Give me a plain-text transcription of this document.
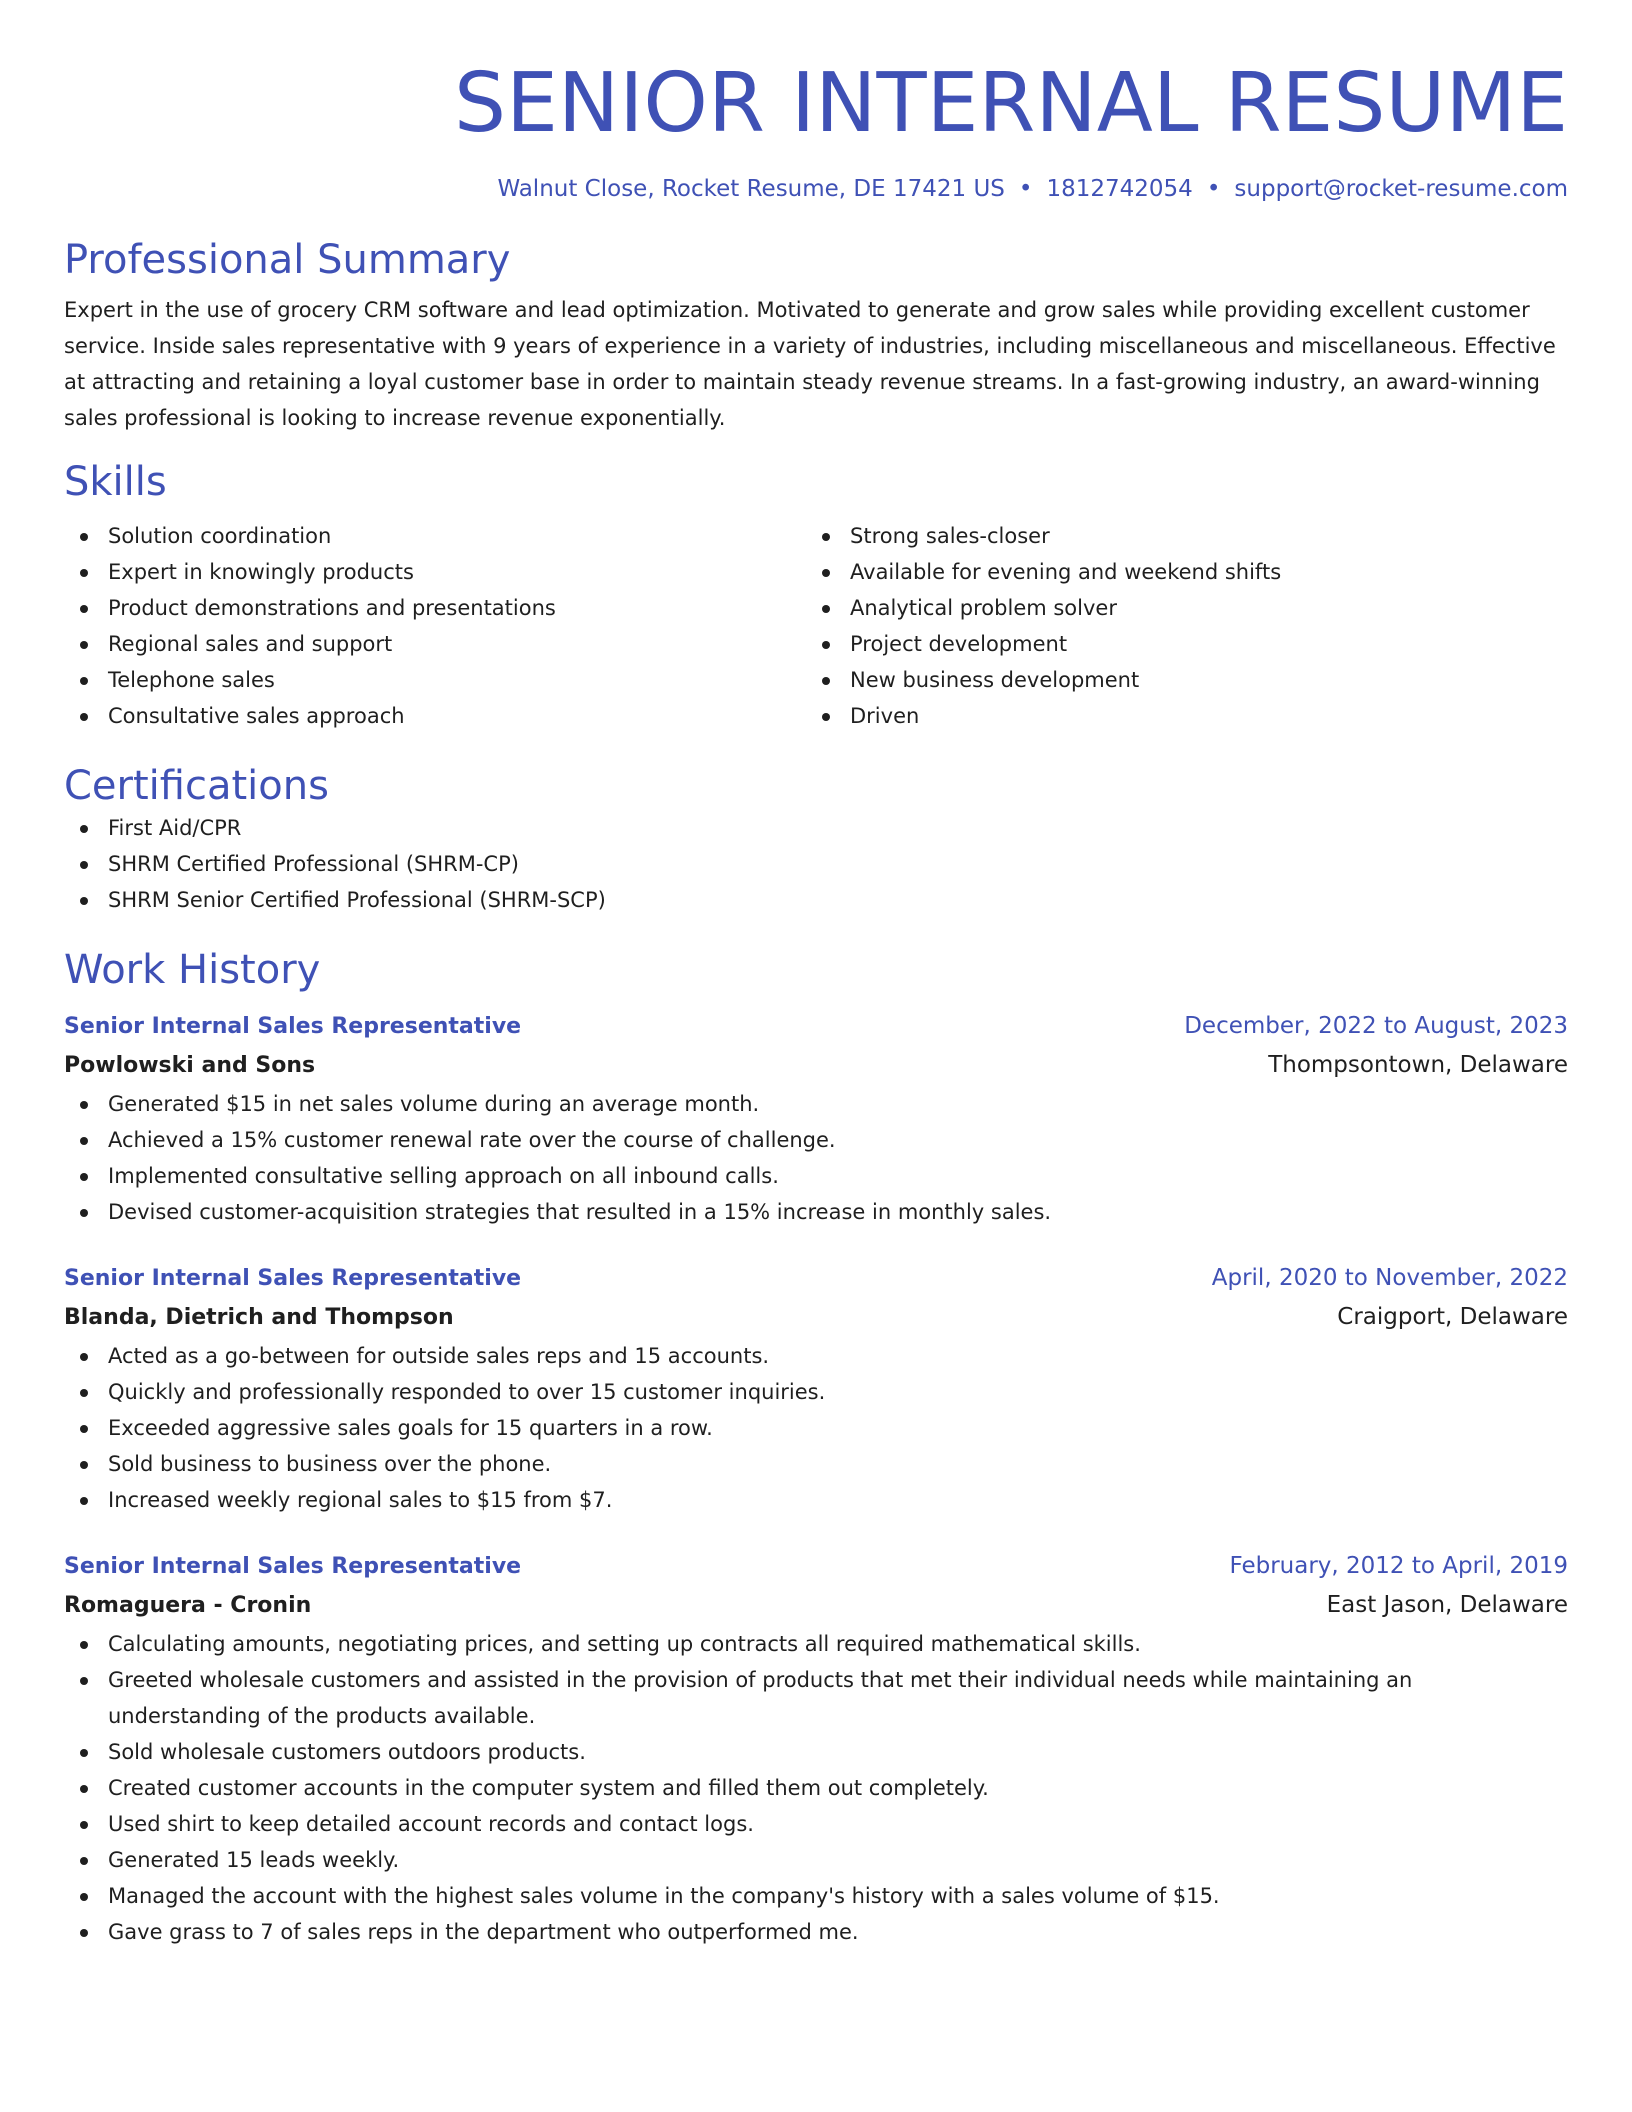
SENIOR INTERNAL RESUME
Walnut Close, Rocket Resume, DE 17421 US • 1812742054 • support@rocket-resume.com
Professional Summary
Expert in the use of grocery CRM software and lead optimization. Motivated to generate and grow sales while providing excellent customer service. Inside sales representative with 9 years of experience in a variety of industries, including miscellaneous and miscellaneous. Effective at attracting and retaining a loyal customer base in order to maintain steady revenue streams. In a fast-growing industry, an award-winning sales professional is looking to increase revenue exponentially.
Skills
Solution coordination
Expert in knowingly products
Product demonstrations and presentations
Regional sales and support
Telephone sales
Consultative sales approach
Strong sales-closer
Available for evening and weekend shifts
Analytical problem solver
Project development
New business development
Driven
Certifications
First Aid/CPR
SHRM Certified Professional (SHRM-CP)
SHRM Senior Certified Professional (SHRM-SCP)
Work History
Senior Internal Sales Representative	December, 2022 to August, 2023
Powlowski and Sons	Thompsontown, Delaware
Generated $15 in net sales volume during an average month.
Achieved a 15% customer renewal rate over the course of challenge.
Implemented consultative selling approach on all inbound calls.
Devised customer-acquisition strategies that resulted in a 15% increase in monthly sales.
Senior Internal Sales Representative	April, 2020 to November, 2022
Blanda, Dietrich and Thompson	Craigport, Delaware
Acted as a go-between for outside sales reps and 15 accounts.
Quickly and professionally responded to over 15 customer inquiries.
Exceeded aggressive sales goals for 15 quarters in a row.
Sold business to business over the phone.
Increased weekly regional sales to $15 from $7.
Senior Internal Sales Representative	February, 2012 to April, 2019
Romaguera - Cronin	East Jason, Delaware
Calculating amounts, negotiating prices, and setting up contracts all required mathematical skills.
Greeted wholesale customers and assisted in the provision of products that met their individual needs while maintaining an understanding of the products available.
Sold wholesale customers outdoors products.
Created customer accounts in the computer system and filled them out completely.
Used shirt to keep detailed account records and contact logs.
Generated 15 leads weekly.
Managed the account with the highest sales volume in the company's history with a sales volume of $15.
Gave grass to 7 of sales reps in the department who outperformed me.
